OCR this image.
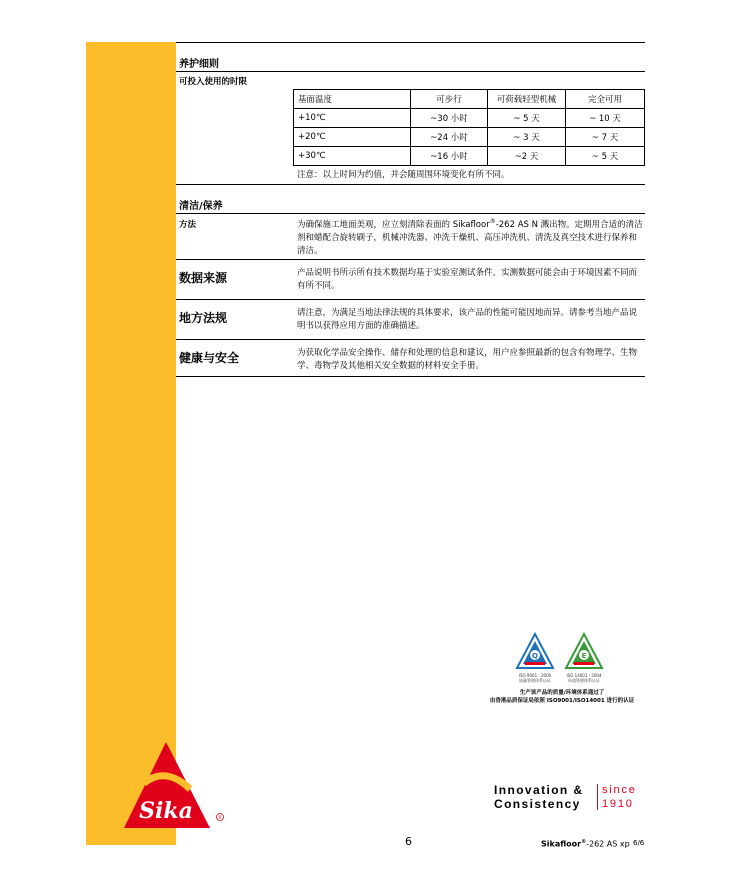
养护细则
可投入使用的时限
基面温度	可步行	可荷载轻型机械	完全可用
+10℃	~30 小时	~ 5 天	~ 10 天
+20℃	~24 小时	~ 3 天	~ 7 天
+30℃	~16 小时	~2 天	~ 5 天
注意：以上时间为约值，并会随周围环境变化有所不同。
清洁/保养
方法	为确保施工地面美观，应立刻清除表面的 Sikafloor®-262 AS N 溅出物。定期用合适的清洁剂和蜡配合旋转刷子，机械冲洗器、冲洗干燥机、高压冲洗机、清洗及真空技术进行保养和清洁。
数据来源	产品说明书所示所有技术数据均基于实验室测试条件。实测数据可能会由于环境因素不同而有所不同。
地方法规	请注意，为满足当地法律法规的具体要求，该产品的性能可能因地而异。请参考当地产品说明书以获得应用方面的准确描述。
健康与安全	为获取化学品安全操作、储存和处理的信息和建议，用户应参照最新的包含有物理学、生物学、毒物学及其他相关安全数据的材料安全手册。
Q	E
ISO 9001 : 2000
质量管理体系认证
ISO 14001 : 2004
环境管理体系认证
生产该产品的质量/环境体系通过了
由香港品质保证局依照 ISO9001/ISO14001 进行的认证
Innovation &
Consistency
since
1910
Sika	R
6	Sikafloor®-262 AS xp 6/6
